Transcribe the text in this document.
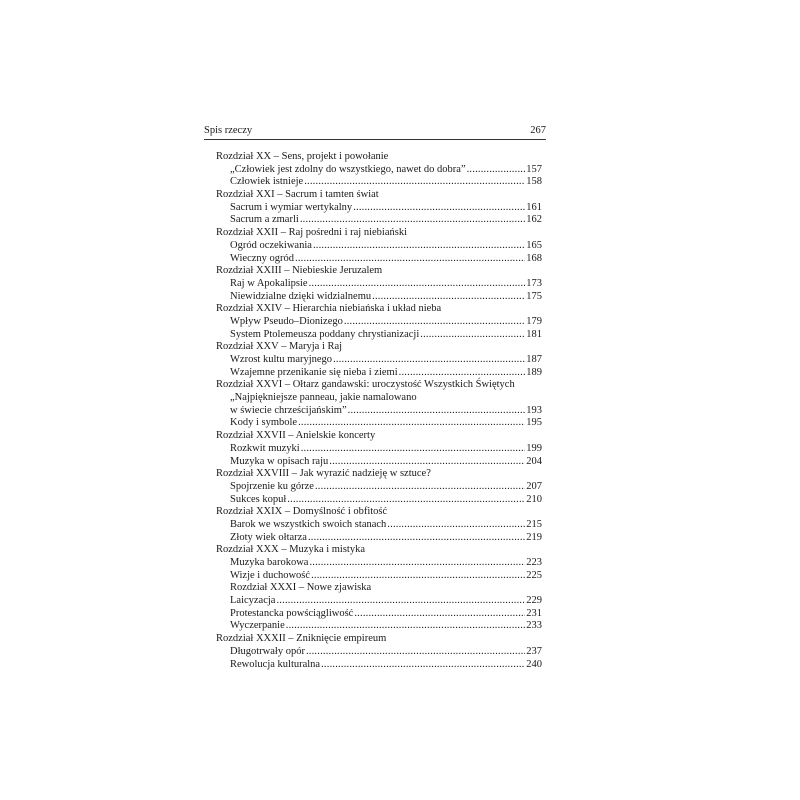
Spis rzeczy	267
Rozdział XX – Sens, projekt i powołanie
„Człowiek jest zdolny do wszystkiego, nawet do dobra” .....	157
Człowiek istnieje .....	158
Rozdział XXI – Sacrum i tamten świat
Sacrum i wymiar wertykalny .....	161
Sacrum a zmarli .....	162
Rozdział XXII – Raj pośredni i raj niebiański
Ogród oczekiwania .....	165
Wieczny ogród .....	168
Rozdział XXIII – Niebieskie Jeruzalem
Raj w Apokalipsie .....	173
Niewidzialne dzięki widzialnemu .....	175
Rozdział XXIV – Hierarchia niebiańska i układ nieba
Wpływ Pseudo–Dionizego .....	179
System Ptolemeusza poddany chrystianizacji .....	181
Rozdział XXV – Maryja i Raj
Wzrost kultu maryjnego .....	187
Wzajemne przenikanie się nieba i ziemi .....	189
Rozdział XXVI – Ołtarz gandawski: uroczystość Wszystkich Świętych
„Najpiękniejsze panneau, jakie namalowano
w świecie chrześcijańskim” .....	193
Kody i symbole .....	195
Rozdział XXVII – Anielskie koncerty
Rozkwit muzyki .....	199
Muzyka w opisach raju .....	204
Rozdział XXVIII – Jak wyrazić nadzieję w sztuce?
Spojrzenie ku górze .....	207
Sukces kopuł .....	210
Rozdział XXIX – Domyślność i obfitość
Barok we wszystkich swoich stanach .....	215
Złoty wiek ołtarza .....	219
Rozdział XXX – Muzyka i mistyka
Muzyka barokowa .....	223
Wizje i duchowość .....	225
Rozdział XXXI – Nowe zjawiska
Laicyzacja .....	229
Protestancka powściągliwość .....	231
Wyczerpanie .....	233
Rozdział XXXII – Zniknięcie empireum
Długotrwały opór .....	237
Rewolucja kulturalna .....	240
